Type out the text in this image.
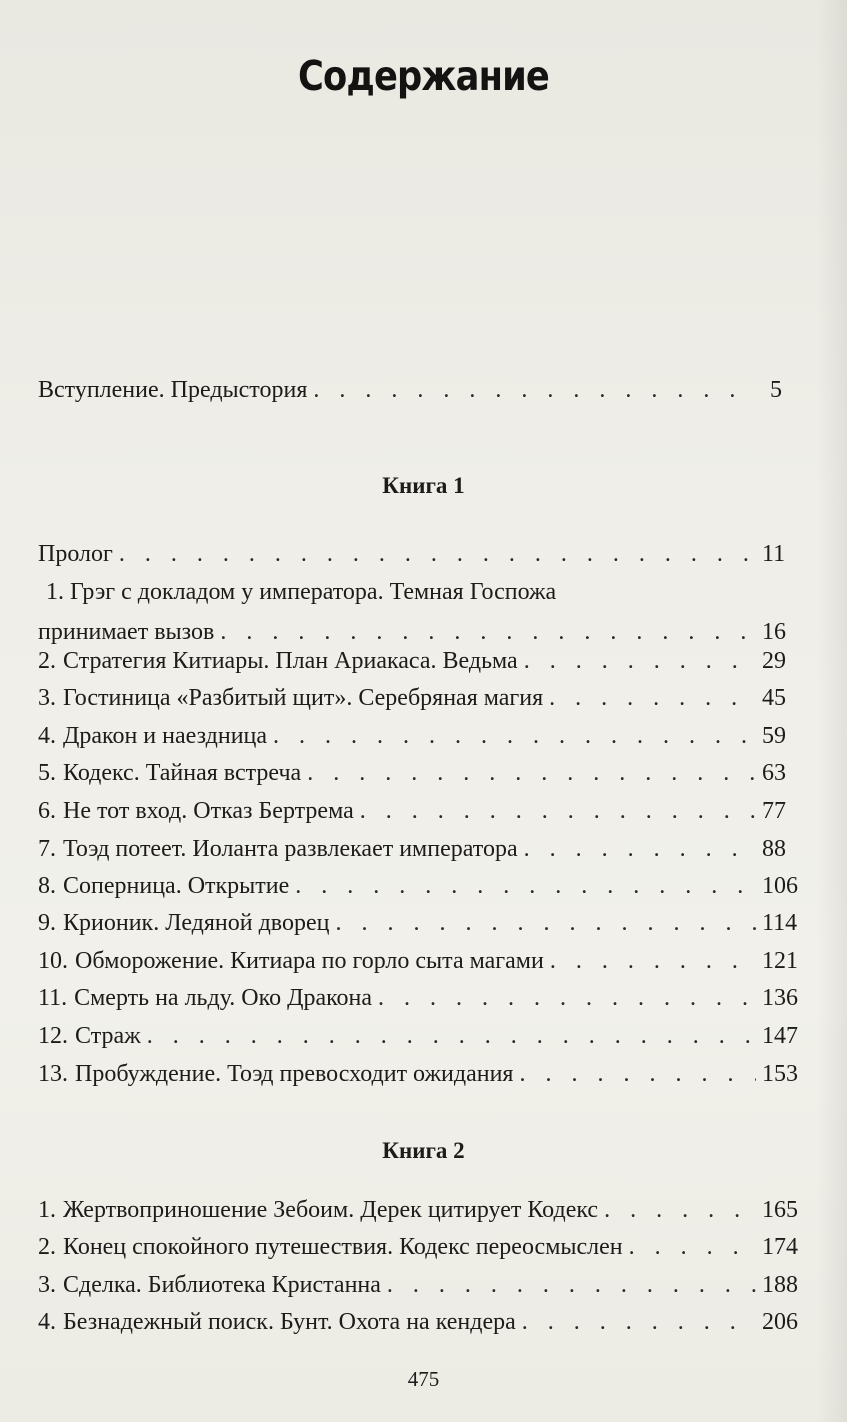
Содержание
Вступление. Предыстория . . .	5
Книга 1
Пролог . . .	11
1. Грэг с докладом у императора. Темная Госпожа
принимает вызов . . .	16
2. Стратегия Китиары. План Ариакаса. Ведьма . . .	29
3. Гостиница «Разбитый щит». Серебряная магия . . .	45
4. Дракон и наездница . . .	59
5. Кодекс. Тайная встреча . . .	63
6. Не тот вход. Отказ Бертрема . . .	77
7. Тоэд потеет. Иоланта развлекает императора . . .	88
8. Соперница. Открытие . . .	106
9. Крионик. Ледяной дворец . . .	114
10. Обморожение. Китиара по горло сыта магами . . .	121
11. Смерть на льду. Око Дракона . . .	136
12. Страж . . .	147
13. Пробуждение. Тоэд превосходит ожидания . . .	153
Книга 2
1. Жертвоприношение Зебоим. Дерек цитирует Кодекс . . .	165
2. Конец спокойного путешествия. Кодекс переосмыслен . . .	174
3. Сделка. Библиотека Кристанна . . .	188
4. Безнадежный поиск. Бунт. Охота на кендера . . .	206
475
